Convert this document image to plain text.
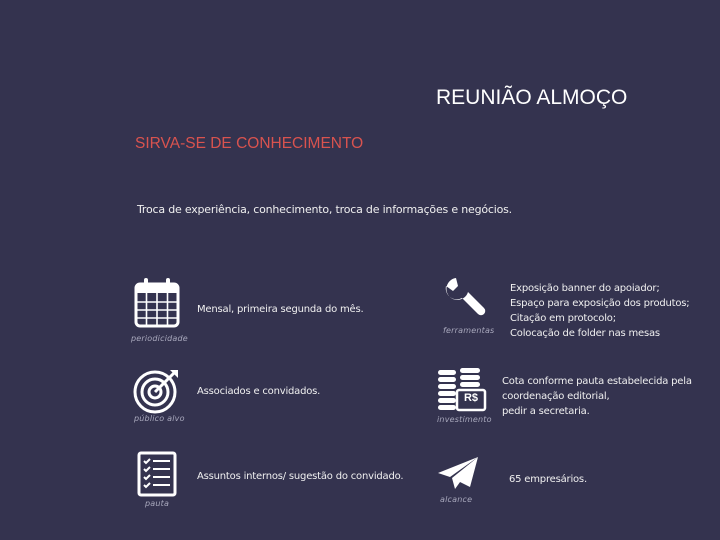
REUNIÃO ALMOÇO
SIRVA-SE DE CONHECIMENTO
Troca de experiência, conhecimento, troca de informações e negócios.
periodicidade
Mensal, primeira segunda do mês.
público alvo
Associados e convidados.
pauta
Assuntos internos/ sugestão do convidado.
ferramentas
Exposição banner do apoiador;
Espaço para exposição dos produtos;
Citação em protocolo;
Colocação de folder nas mesas
R$
investimento
Cota conforme pauta estabelecida pela
coordenação editorial,
pedir a secretaria.
alcance
65 empresários.
